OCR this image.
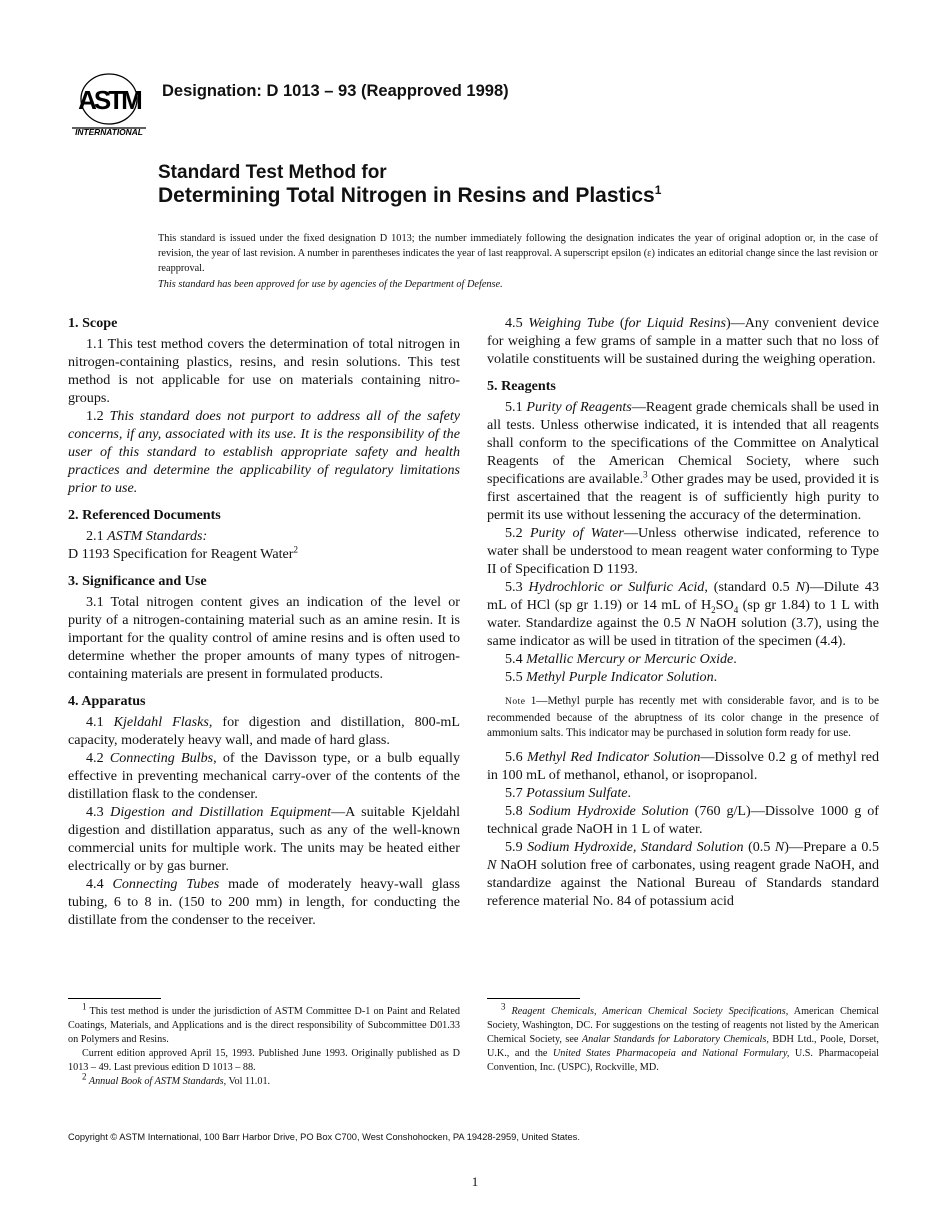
ASTM
INTERNATIONAL
Designation: D 1013 – 93 (Reapproved 1998)
Standard Test Method for
Determining Total Nitrogen in Resins and Plastics$^1$
This standard is issued under the fixed designation D 1013; the number immediately following the designation indicates the year of original adoption or, in the case of revision, the year of last revision. A number in parentheses indicates the year of last reapproval. A superscript epsilon (ε) indicates an editorial change since the last revision or reapproval.
This standard has been approved for use by agencies of the Department of Defense.
1. Scope

1.1 This test method covers the determination of total nitrogen in nitrogen-containing plastics, resins, and resin solutions. This test method is not applicable for use on materials containing nitro-groups.

1.2 This standard does not purport to address all of the safety concerns, if any, associated with its use. It is the responsibility of the user of this standard to establish appropriate safety and health practices and determine the applicability of regulatory limitations prior to use.

2. Referenced Documents

2.1 ASTM Standards:

D 1193 Specification for Reagent Water$^2$

3. Significance and Use

3.1 Total nitrogen content gives an indication of the level or purity of a nitrogen-containing material such as an amine resin. It is important for the quality control of amine resins and is often used to determine whether the proper amounts of many types of nitrogen-containing materials are present in formulated products.

4. Apparatus

4.1 Kjeldahl Flasks, for digestion and distillation, 800-mL capacity, moderately heavy wall, and made of hard glass.

4.2 Connecting Bulbs, of the Davisson type, or a bulb equally effective in preventing mechanical carry-over of the contents of the distillation flask to the condenser.

4.3 Digestion and Distillation Equipment—A suitable Kjeldahl digestion and distillation apparatus, such as any of the well-known commercial units for multiple work. The units may be heated either electrically or by gas burner.

4.4 Connecting Tubes made of moderately heavy-wall glass tubing, 6 to 8 in. (150 to 200 mm) in length, for conducting the distillate from the condenser to the receiver.

4.5 Weighing Tube (for Liquid Resins)—Any convenient device for weighing a few grams of sample in a matter such that no loss of volatile constituents will be sustained during the weighing operation.

5. Reagents

5.1 Purity of Reagents—Reagent grade chemicals shall be used in all tests. Unless otherwise indicated, it is intended that all reagents shall conform to the specifications of the Committee on Analytical Reagents of the American Chemical Society, where such specifications are available.$^3$ Other grades may be used, provided it is first ascertained that the reagent is of sufficiently high purity to permit its use without lessening the accuracy of the determination.

5.2 Purity of Water—Unless otherwise indicated, reference to water shall be understood to mean reagent water conforming to Type II of Specification D 1193.

5.3 Hydrochloric or Sulfuric Acid, (standard 0.5 N)—Dilute 43 mL of HCl (sp gr 1.19) or 14 mL of $H_2SO_4$ (sp gr 1.84) to 1 L with water. Standardize against the 0.5 N NaOH solution (3.7), using the same indicator as will be used in titration of the specimen (4.4).

5.4 Metallic Mercury or Mercuric Oxide.

5.5 Methyl Purple Indicator Solution.

Note 1—Methyl purple has recently met with considerable favor, and is to be recommended because of the abruptness of its color change in the presence of ammonium salts. This indicator may be purchased in solution form ready for use.

5.6 Methyl Red Indicator Solution—Dissolve 0.2 g of methyl red in 100 mL of methanol, ethanol, or isopropanol.

5.7 Potassium Sulfate.

5.8 Sodium Hydroxide Solution (760 g/L)—Dissolve 1000 g of technical grade NaOH in 1 L of water.

5.9 Sodium Hydroxide, Standard Solution (0.5 N)—Prepare a 0.5 N NaOH solution free of carbonates, using reagent grade NaOH, and standardize against the National Bureau of Standards standard reference material No. 84 of potassium acid

$^1$ This test method is under the jurisdiction of ASTM Committee D-1 on Paint and Related Coatings, Materials, and Applications and is the direct responsibility of Subcommittee D01.33 on Polymers and Resins.

Current edition approved April 15, 1993. Published June 1993. Originally published as D 1013 – 49. Last previous edition D 1013 – 88.

$^2$ Annual Book of ASTM Standards, Vol 11.01.

$^3$ Reagent Chemicals, American Chemical Society Specifications, American Chemical Society, Washington, DC. For suggestions on the testing of reagents not listed by the American Chemical Society, see Analar Standards for Laboratory Chemicals, BDH Ltd., Poole, Dorset, U.K., and the United States Pharmacopeia and National Formulary, U.S. Pharmacopeial Convention, Inc. (USPC), Rockville, MD.

Copyright © ASTM International, 100 Barr Harbor Drive, PO Box C700, West Conshohocken, PA 19428-2959, United States.
1
